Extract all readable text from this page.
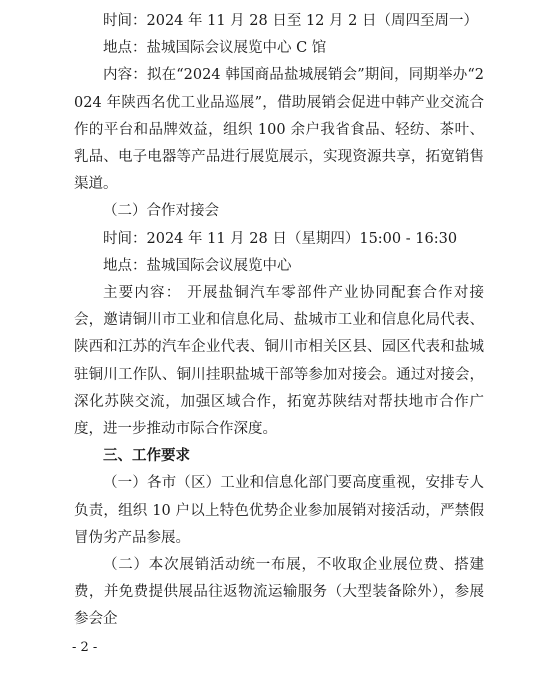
时间：2024 年 11 月 28 日至 12 月 2 日（周四至周一）

地点：盐城国际会议展览中心 C 馆

内容：拟在“2024 韩国商品盐城展销会”期间，同期举办“2024 年陕西名优工业品巡展”，借助展销会促进中韩产业交流合作的平台和品牌效益，组织 100 余户我省食品、轻纺、茶叶、乳品、电子电器等产品进行展览展示，实现资源共享，拓宽销售渠道。

（二）合作对接会

时间：2024 年 11 月 28 日（星期四）15:00 - 16:30

地点：盐城国际会议展览中心

主要内容： 开展盐铜汽车零部件产业协同配套合作对接会，邀请铜川市工业和信息化局、盐城市工业和信息化局代表、陕西和江苏的汽车企业代表、铜川市相关区县、园区代表和盐城驻铜川工作队、铜川挂职盐城干部等参加对接会。通过对接会，深化苏陕交流，加强区域合作，拓宽苏陕结对帮扶地市合作广度，进一步推动市际合作深度。

三、工作要求

（一）各市（区）工业和信息化部门要高度重视，安排专人负责，组织 10 户以上特色优势企业参加展销对接活动，严禁假冒伪劣产品参展。

（二）本次展销活动统一布展，不收取企业展位费、搭建费，并免费提供展品往返物流运输服务（大型装备除外），参展参会企

- 2 -
